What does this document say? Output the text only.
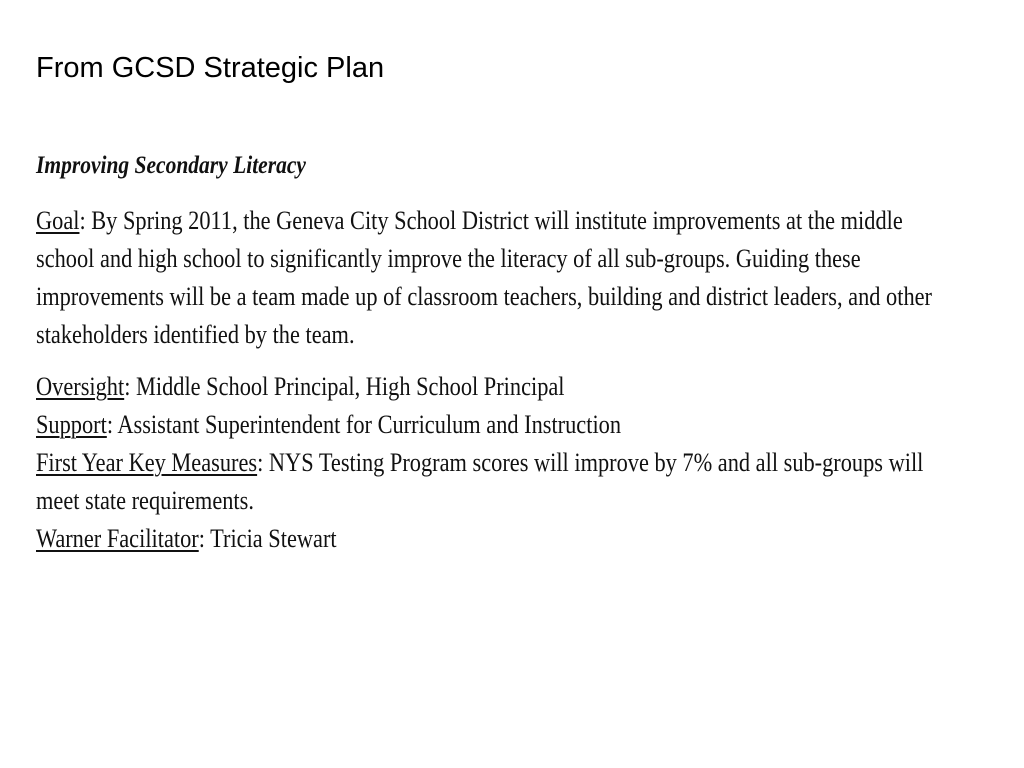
From GCSD Strategic Plan
Improving Secondary Literacy
Goal: By Spring 2011, the Geneva City School District will institute improvements at the middle
school and high school to significantly improve the literacy of all sub-groups. Guiding these
improvements will be a team made up of classroom teachers, building and district leaders, and other
stakeholders identified by the team.
Oversight: Middle School Principal, High School Principal
Support: Assistant Superintendent for Curriculum and Instruction
First Year Key Measures: NYS Testing Program scores will improve by 7% and all sub-groups will
meet state requirements.
Warner Facilitator: Tricia Stewart
